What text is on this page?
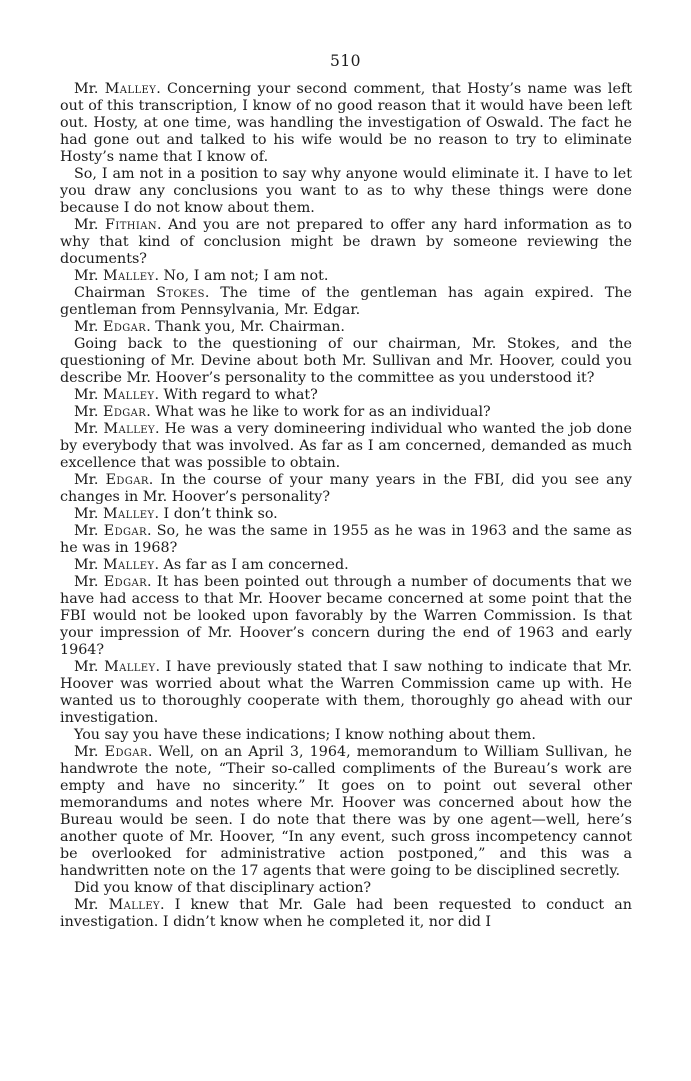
510

Mr. Malley. Concerning your second comment, that Hosty’s name was left out of this transcription, I know of no good reason that it would have been left out. Hosty, at one time, was handling the investigation of Oswald. The fact he had gone out and talked to his wife would be no reason to try to eliminate Hosty’s name that I know of.

So, I am not in a position to say why anyone would eliminate it. I have to let you draw any conclusions you want to as to why these things were done because I do not know about them.

Mr. Fithian. And you are not prepared to offer any hard information as to why that kind of conclusion might be drawn by someone reviewing the documents?

Mr. Malley. No, I am not; I am not.

Chairman Stokes. The time of the gentleman has again expired. The gentleman from Pennsylvania, Mr. Edgar.

Mr. Edgar. Thank you, Mr. Chairman.

Going back to the questioning of our chairman, Mr. Stokes, and the questioning of Mr. Devine about both Mr. Sullivan and Mr. Hoover, could you describe Mr. Hoover’s personality to the committee as you understood it?

Mr. Malley. With regard to what?

Mr. Edgar. What was he like to work for as an individual?

Mr. Malley. He was a very domineering individual who wanted the job done by everybody that was involved. As far as I am concerned, demanded as much excellence that was possible to obtain.

Mr. Edgar. In the course of your many years in the FBI, did you see any changes in Mr. Hoover’s personality?

Mr. Malley. I don’t think so.

Mr. Edgar. So, he was the same in 1955 as he was in 1963 and the same as he was in 1968?

Mr. Malley. As far as I am concerned.

Mr. Edgar. It has been pointed out through a number of documents that we have had access to that Mr. Hoover became concerned at some point that the FBI would not be looked upon favorably by the Warren Commission. Is that your impression of Mr. Hoover’s concern during the end of 1963 and early 1964?

Mr. Malley. I have previously stated that I saw nothing to indicate that Mr. Hoover was worried about what the Warren Commission came up with. He wanted us to thoroughly cooperate with them, thoroughly go ahead with our investigation.

You say you have these indications; I know nothing about them.

Mr. Edgar. Well, on an April 3, 1964, memorandum to William Sullivan, he handwrote the note, “Their so-called compliments of the Bureau’s work are empty and have no sincerity.” It goes on to point out several other memorandums and notes where Mr. Hoover was concerned about how the Bureau would be seen. I do note that there was by one agent—well, here’s another quote of Mr. Hoover, “In any event, such gross incompetency cannot be overlooked for administrative action postponed,” and this was a handwritten note on the 17 agents that were going to be disciplined secretly.

Did you know of that disciplinary action?

Mr. Malley. I knew that Mr. Gale had been requested to conduct an investigation. I didn’t know when he completed it, nor did I
